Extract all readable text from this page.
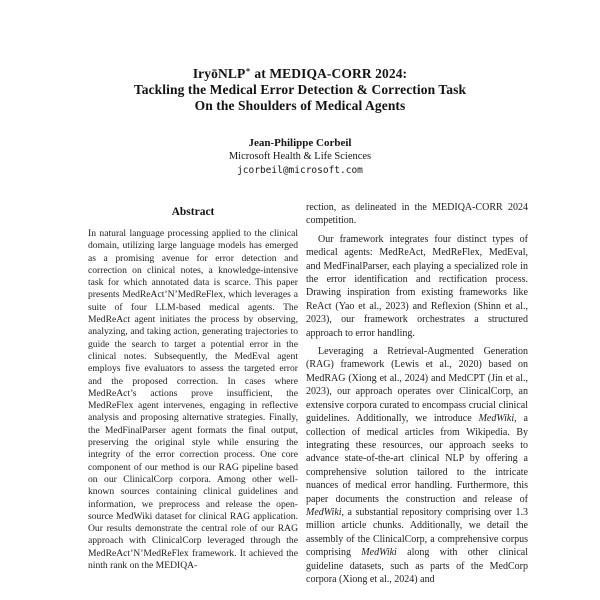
IryōNLP∗ at MEDIQA-CORR 2024:
Tackling the Medical Error Detection & Correction Task
On the Shoulders of Medical Agents
Jean-Philippe Corbeil
Microsoft Health & Life Sciences
jcorbeil@microsoft.com
Abstract
In natural language processing applied to the clinical domain, utilizing large language models has emerged as a promising avenue for error detection and correction on clinical notes, a knowledge-intensive task for which annotated data is scarce. This paper presents MedReAct’N’MedReFlex, which leverages a suite of four LLM-based medical agents. The MedReAct agent initiates the process by observing, analyzing, and taking action, generating trajectories to guide the search to target a potential error in the clinical notes. Subsequently, the MedEval agent employs five evaluators to assess the targeted error and the proposed correction. In cases where MedReAct’s actions prove insufficient, the MedReFlex agent intervenes, engaging in reflective analysis and proposing alternative strategies. Finally, the MedFinalParser agent formats the final output, preserving the original style while ensuring the integrity of the error correction process. One core component of our method is our RAG pipeline based on our ClinicalCorp corpora. Among other well-known sources containing clinical guidelines and information, we preprocess and release the open-source MedWiki dataset for clinical RAG application. Our results demonstrate the central role of our RAG approach with ClinicalCorp leveraged through the MedReAct’N’MedReFlex framework. It achieved the ninth rank on the MEDIQA-

rection, as delineated in the MEDIQA-CORR 2024 competition.

Our framework integrates four distinct types of medical agents: MedReAct, MedReFlex, MedEval, and MedFinalParser, each playing a specialized role in the error identification and rectification process. Drawing inspiration from existing frameworks like ReAct (Yao et al., 2023) and Reflexion (Shinn et al., 2023), our framework orchestrates a structured approach to error handling.

Leveraging a Retrieval-Augmented Generation (RAG) framework (Lewis et al., 2020) based on MedRAG (Xiong et al., 2024) and MedCPT (Jin et al., 2023), our approach operates over ClinicalCorp, an extensive corpora curated to encompass crucial clinical guidelines. Additionally, we introduce MedWiki, a collection of medical articles from Wikipedia. By integrating these resources, our approach seeks to advance state-of-the-art clinical NLP by offering a comprehensive solution tailored to the intricate nuances of medical error handling. Furthermore, this paper documents the construction and release of MedWiki, a substantial repository comprising over 1.3 million article chunks. Additionally, we detail the assembly of the ClinicalCorp, a comprehensive corpus comprising MedWiki along with other clinical guideline datasets, such as parts of the MedCorp corpora (Xiong et al., 2024) and
